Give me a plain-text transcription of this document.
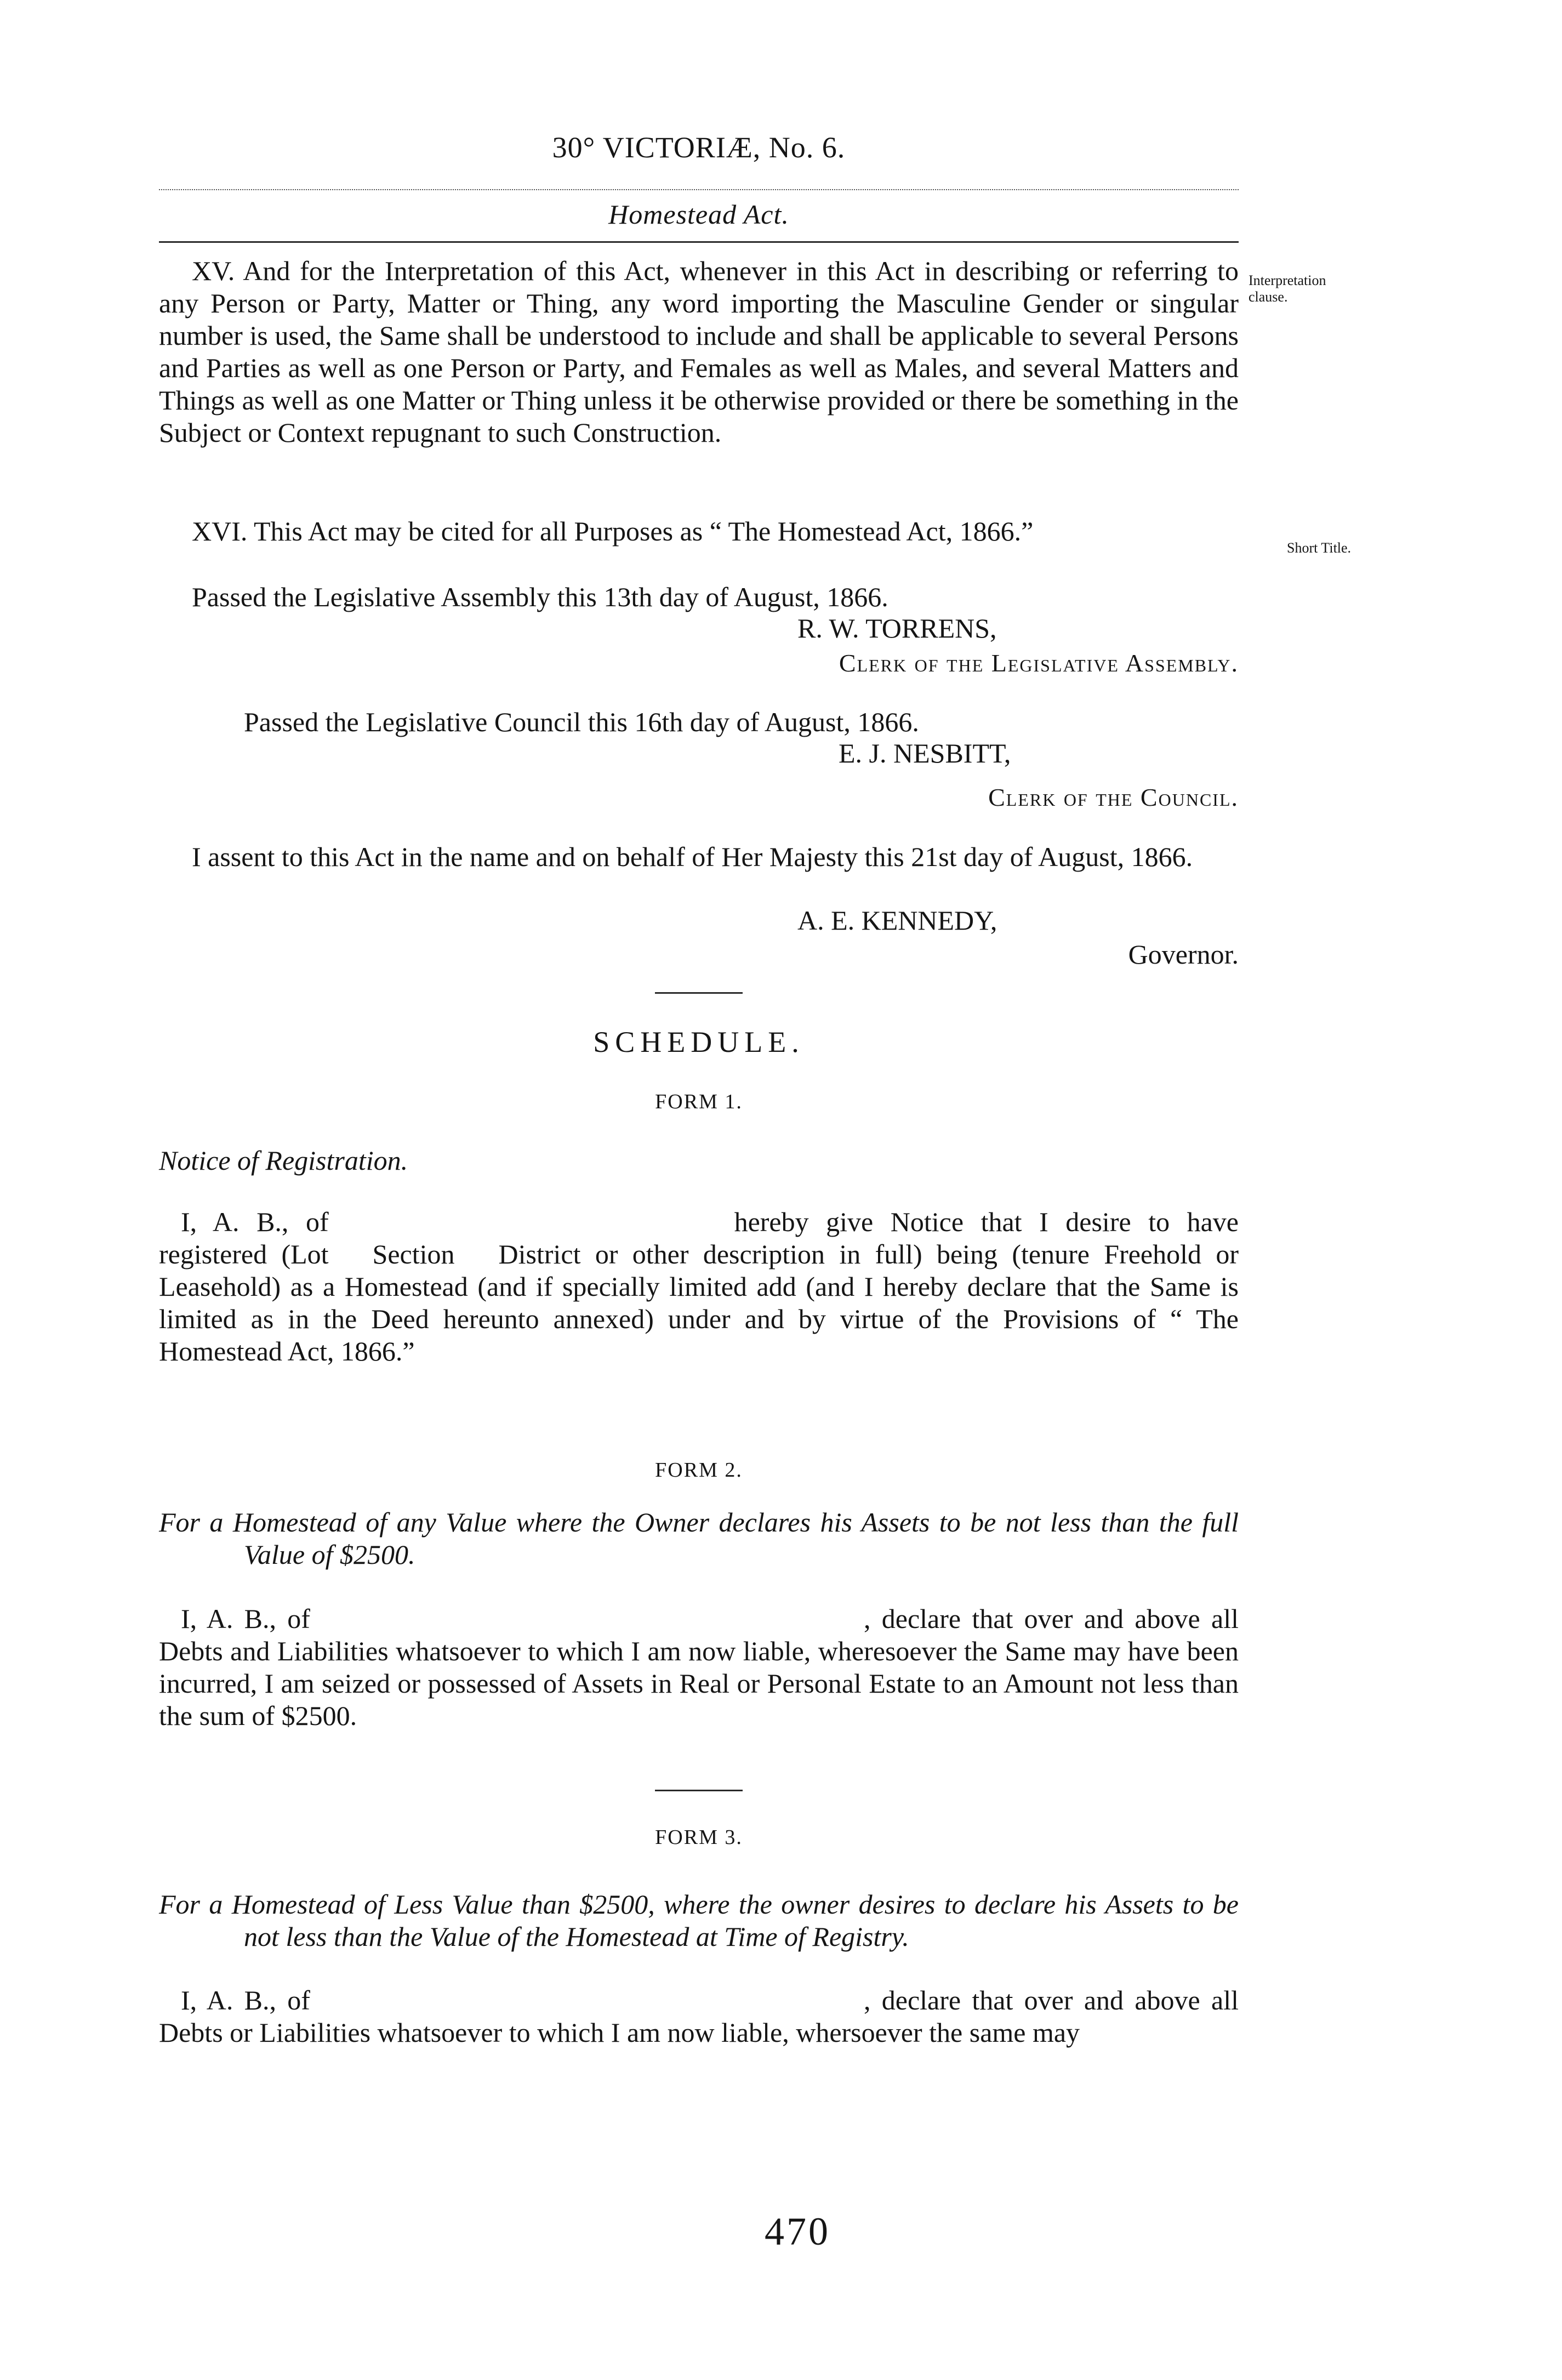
30° VICTORIÆ, No. 6.
Homestead Act.

XV. And for the Interpretation of this Act, whenever in this Act in describing or referring to any Person or Party, Matter or Thing, any word importing the Masculine Gender or singular number is used, the Same shall be understood to include and shall be applicable to several Persons and Parties as well as one Person or Party, and Females as well as Males, and several Matters and Things as well as one Matter or Thing unless it be otherwise provided or there be something in the Subject or Context repugnant to such Construction.

Interpretation clause.

XVI. This Act may be cited for all Purposes as “ The Homestead Act, 1866.”

Short Title.

Passed the Legislative Assembly this 13th day of August, 1866.

R. W. TORRENS,
Clerk of the Legislative Assembly.

Passed the Legislative Council this 16th day of August, 1866.

E. J. NESBITT,
Clerk of the Council.

I assent to this Act in the name and on behalf of Her Majesty this 21st day of August, 1866.

A. E. KENNEDY,
Governor.
SCHEDULE.
FORM 1.
Notice of Registration.

I, A. B., of	hereby give Notice that I desire to have registered (Lot Section District or other description in full) being (tenure Freehold or Leasehold) as a Homestead (and if specially limited add (and I hereby declare that the Same is limited as in the Deed hereunto annexed) under and by virtue of the Provisions of “ The Homestead Act, 1866.”

FORM 2.

For a Homestead of any Value where the Owner declares his Assets to be not less than the full Value of $2500.

I, A. B., of	, declare that over and above all Debts and Liabilities whatsoever to which I am now liable, wheresoever the Same may have been incurred, I am seized or possessed of Assets in Real or Personal Estate to an Amount not less than the sum of $2500.

FORM 3.

For a Homestead of Less Value than $2500, where the owner desires to declare his Assets to be not less than the Value of the Homestead at Time of Registry.

I, A. B., of	, declare that over and above all Debts or Liabilities whatsoever to which I am now liable, whersoever the same may

470
